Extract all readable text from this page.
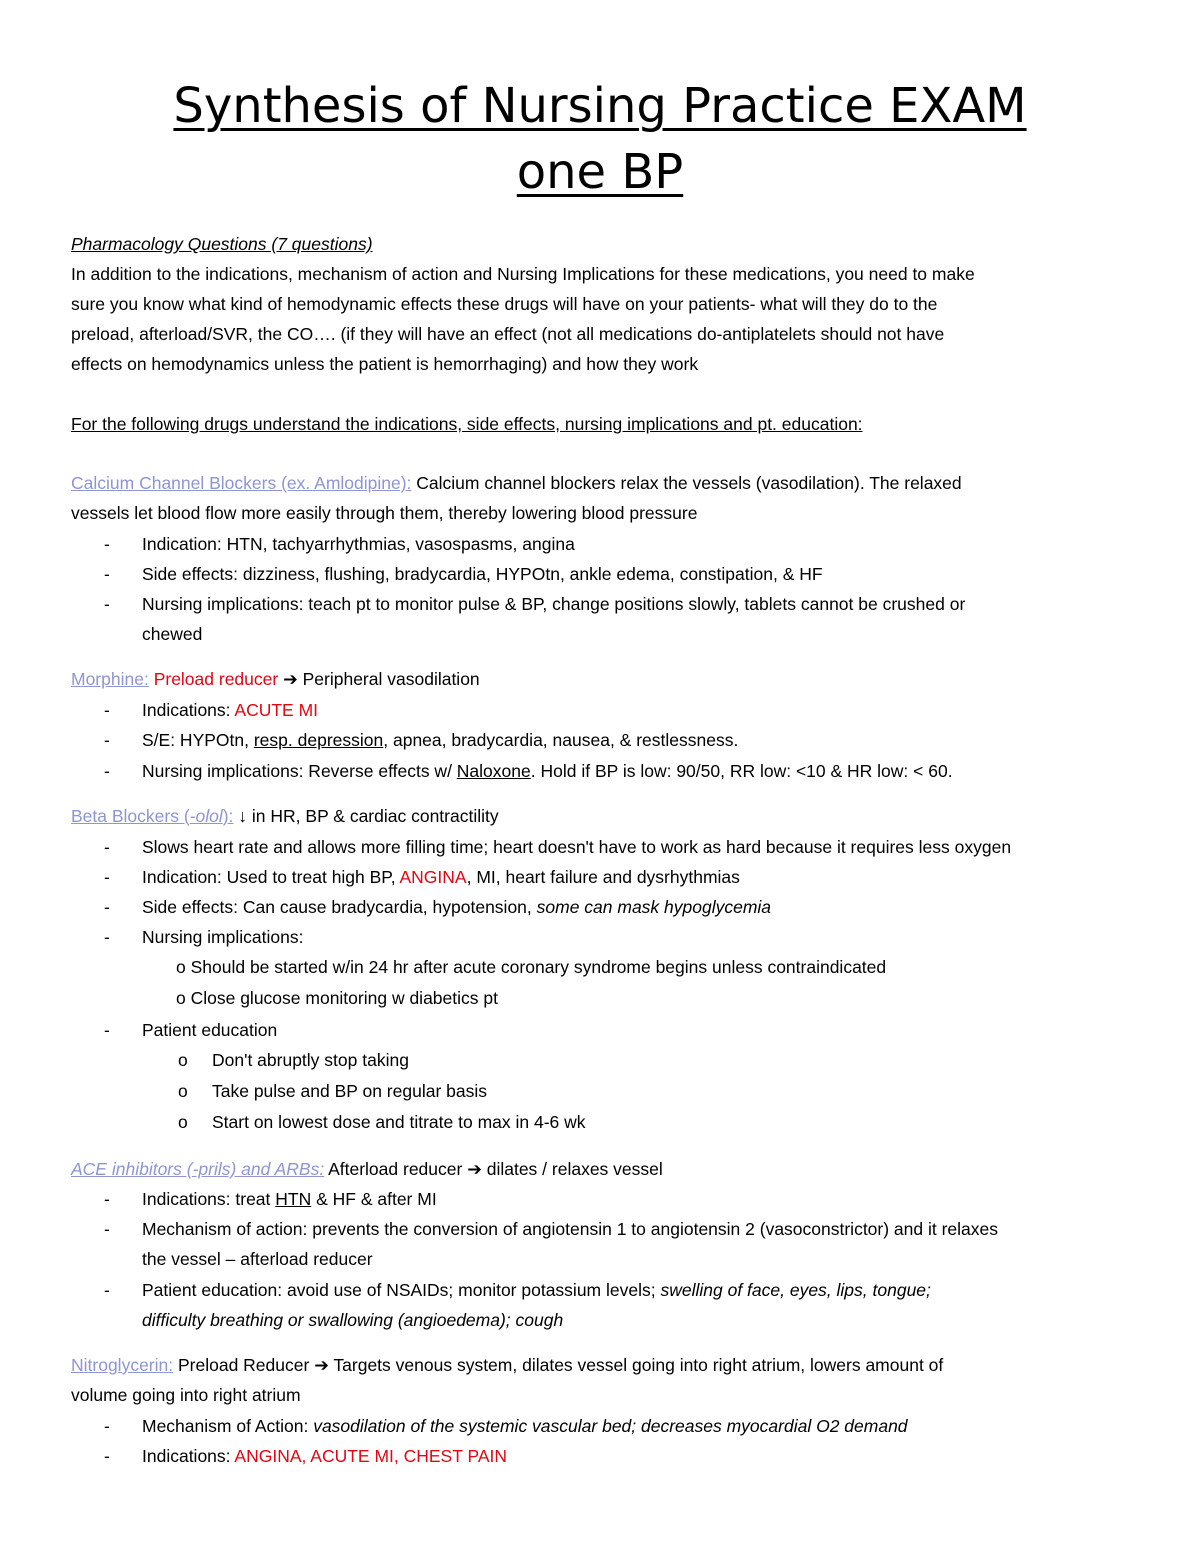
Synthesis of Nursing Practice EXAM
one BP
Pharmacology Questions (7 questions)
In addition to the indications, mechanism of action and Nursing Implications for these medications, you need to make
sure you know what kind of hemodynamic effects these drugs will have on your patients- what will they do to the
preload, afterload/SVR, the CO…. (if they will have an effect (not all medications do-antiplatelets should not have
effects on hemodynamics unless the patient is hemorrhaging) and how they work
For the following drugs understand the indications, side effects, nursing implications and pt. education:
Calcium Channel Blockers (ex. Amlodipine): Calcium channel blockers relax the vessels (vasodilation). The relaxed
vessels let blood flow more easily through them, thereby lowering blood pressure
- Indication: HTN, tachyarrhythmias, vasospasms, angina
- Side effects: dizziness, flushing, bradycardia, HYPOtn, ankle edema, constipation, & HF
- Nursing implications: teach pt to monitor pulse & BP, change positions slowly, tablets cannot be crushed or
chewed
Morphine: Preload reducer ➔ Peripheral vasodilation
- Indications: ACUTE MI
- S/E: HYPOtn, resp. depression, apnea, bradycardia, nausea, & restlessness.
- Nursing implications: Reverse effects w/ Naloxone. Hold if BP is low: 90/50, RR low: <10 & HR low: < 60.
Beta Blockers (-olol): ↓ in HR, BP & cardiac contractility
- Slows heart rate and allows more filling time; heart doesn't have to work as hard because it requires less oxygen
- Indication: Used to treat high BP, ANGINA, MI, heart failure and dysrhythmias
- Side effects: Can cause bradycardia, hypotension, some can mask hypoglycemia
- Nursing implications:
o Should be started w/in 24 hr after acute coronary syndrome begins unless contraindicated
o Close glucose monitoring w diabetics pt
- Patient education
o Don't abruptly stop taking
o Take pulse and BP on regular basis
o Start on lowest dose and titrate to max in 4-6 wk
ACE inhibitors (-prils) and ARBs: Afterload reducer ➔ dilates / relaxes vessel
- Indications: treat HTN & HF & after MI
- Mechanism of action: prevents the conversion of angiotensin 1 to angiotensin 2 (vasoconstrictor) and it relaxes
the vessel – afterload reducer
- Patient education: avoid use of NSAIDs; monitor potassium levels; swelling of face, eyes, lips, tongue;
difficulty breathing or swallowing (angioedema); cough
Nitroglycerin: Preload Reducer ➔ Targets venous system, dilates vessel going into right atrium, lowers amount of
volume going into right atrium
- Mechanism of Action: vasodilation of the systemic vascular bed; decreases myocardial O2 demand
- Indications: ANGINA, ACUTE MI, CHEST PAIN
